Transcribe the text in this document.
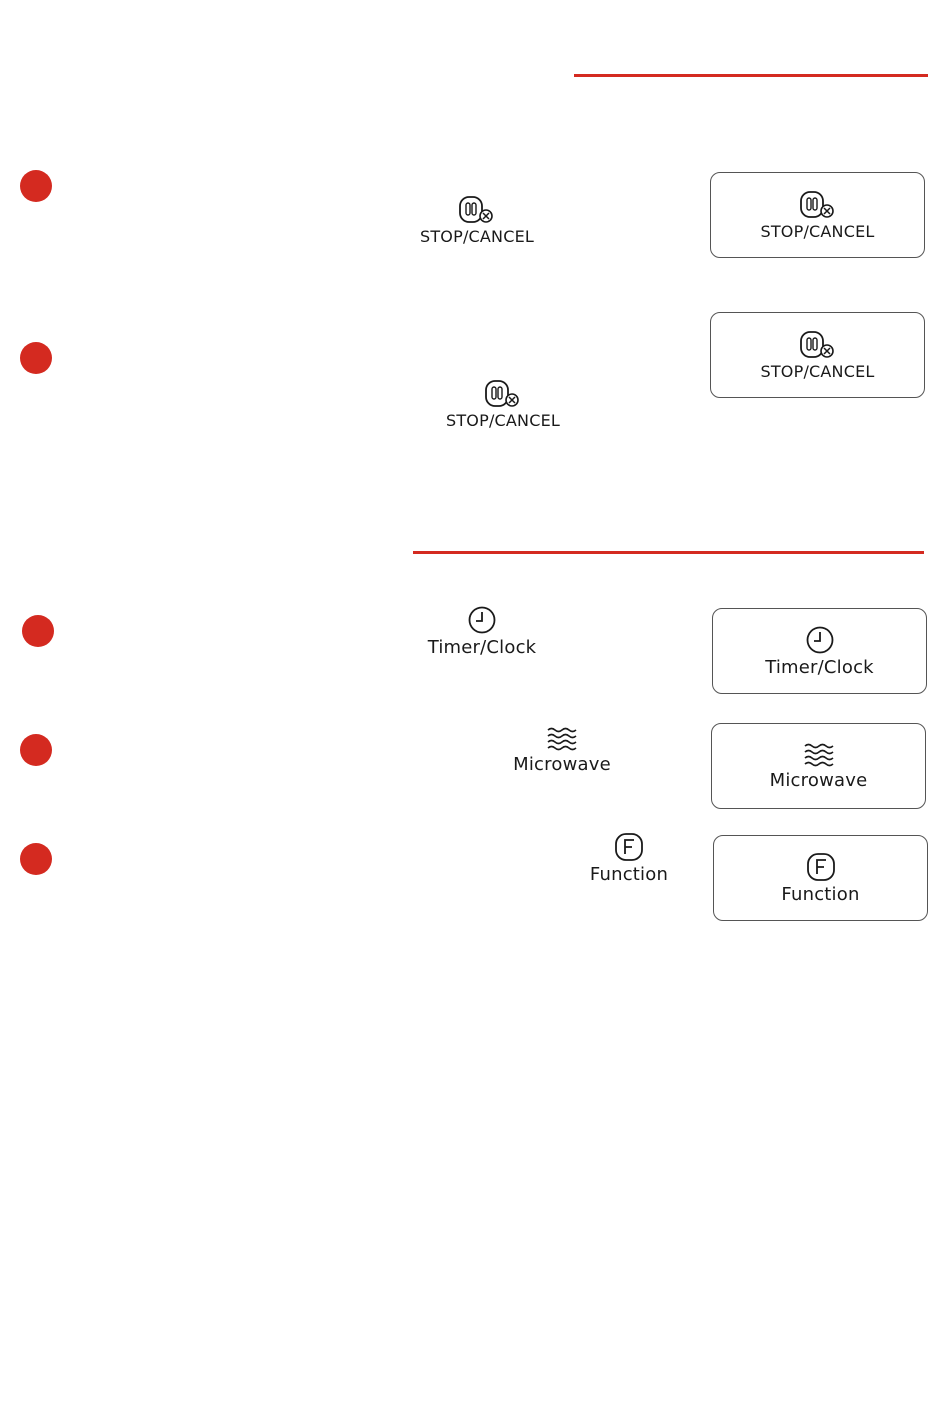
STOP/CANCEL
STOP/CANCEL
STOP/CANCEL
STOP/CANCEL
Timer/Clock
Microwave
Function
Timer/Clock
Microwave
Function
